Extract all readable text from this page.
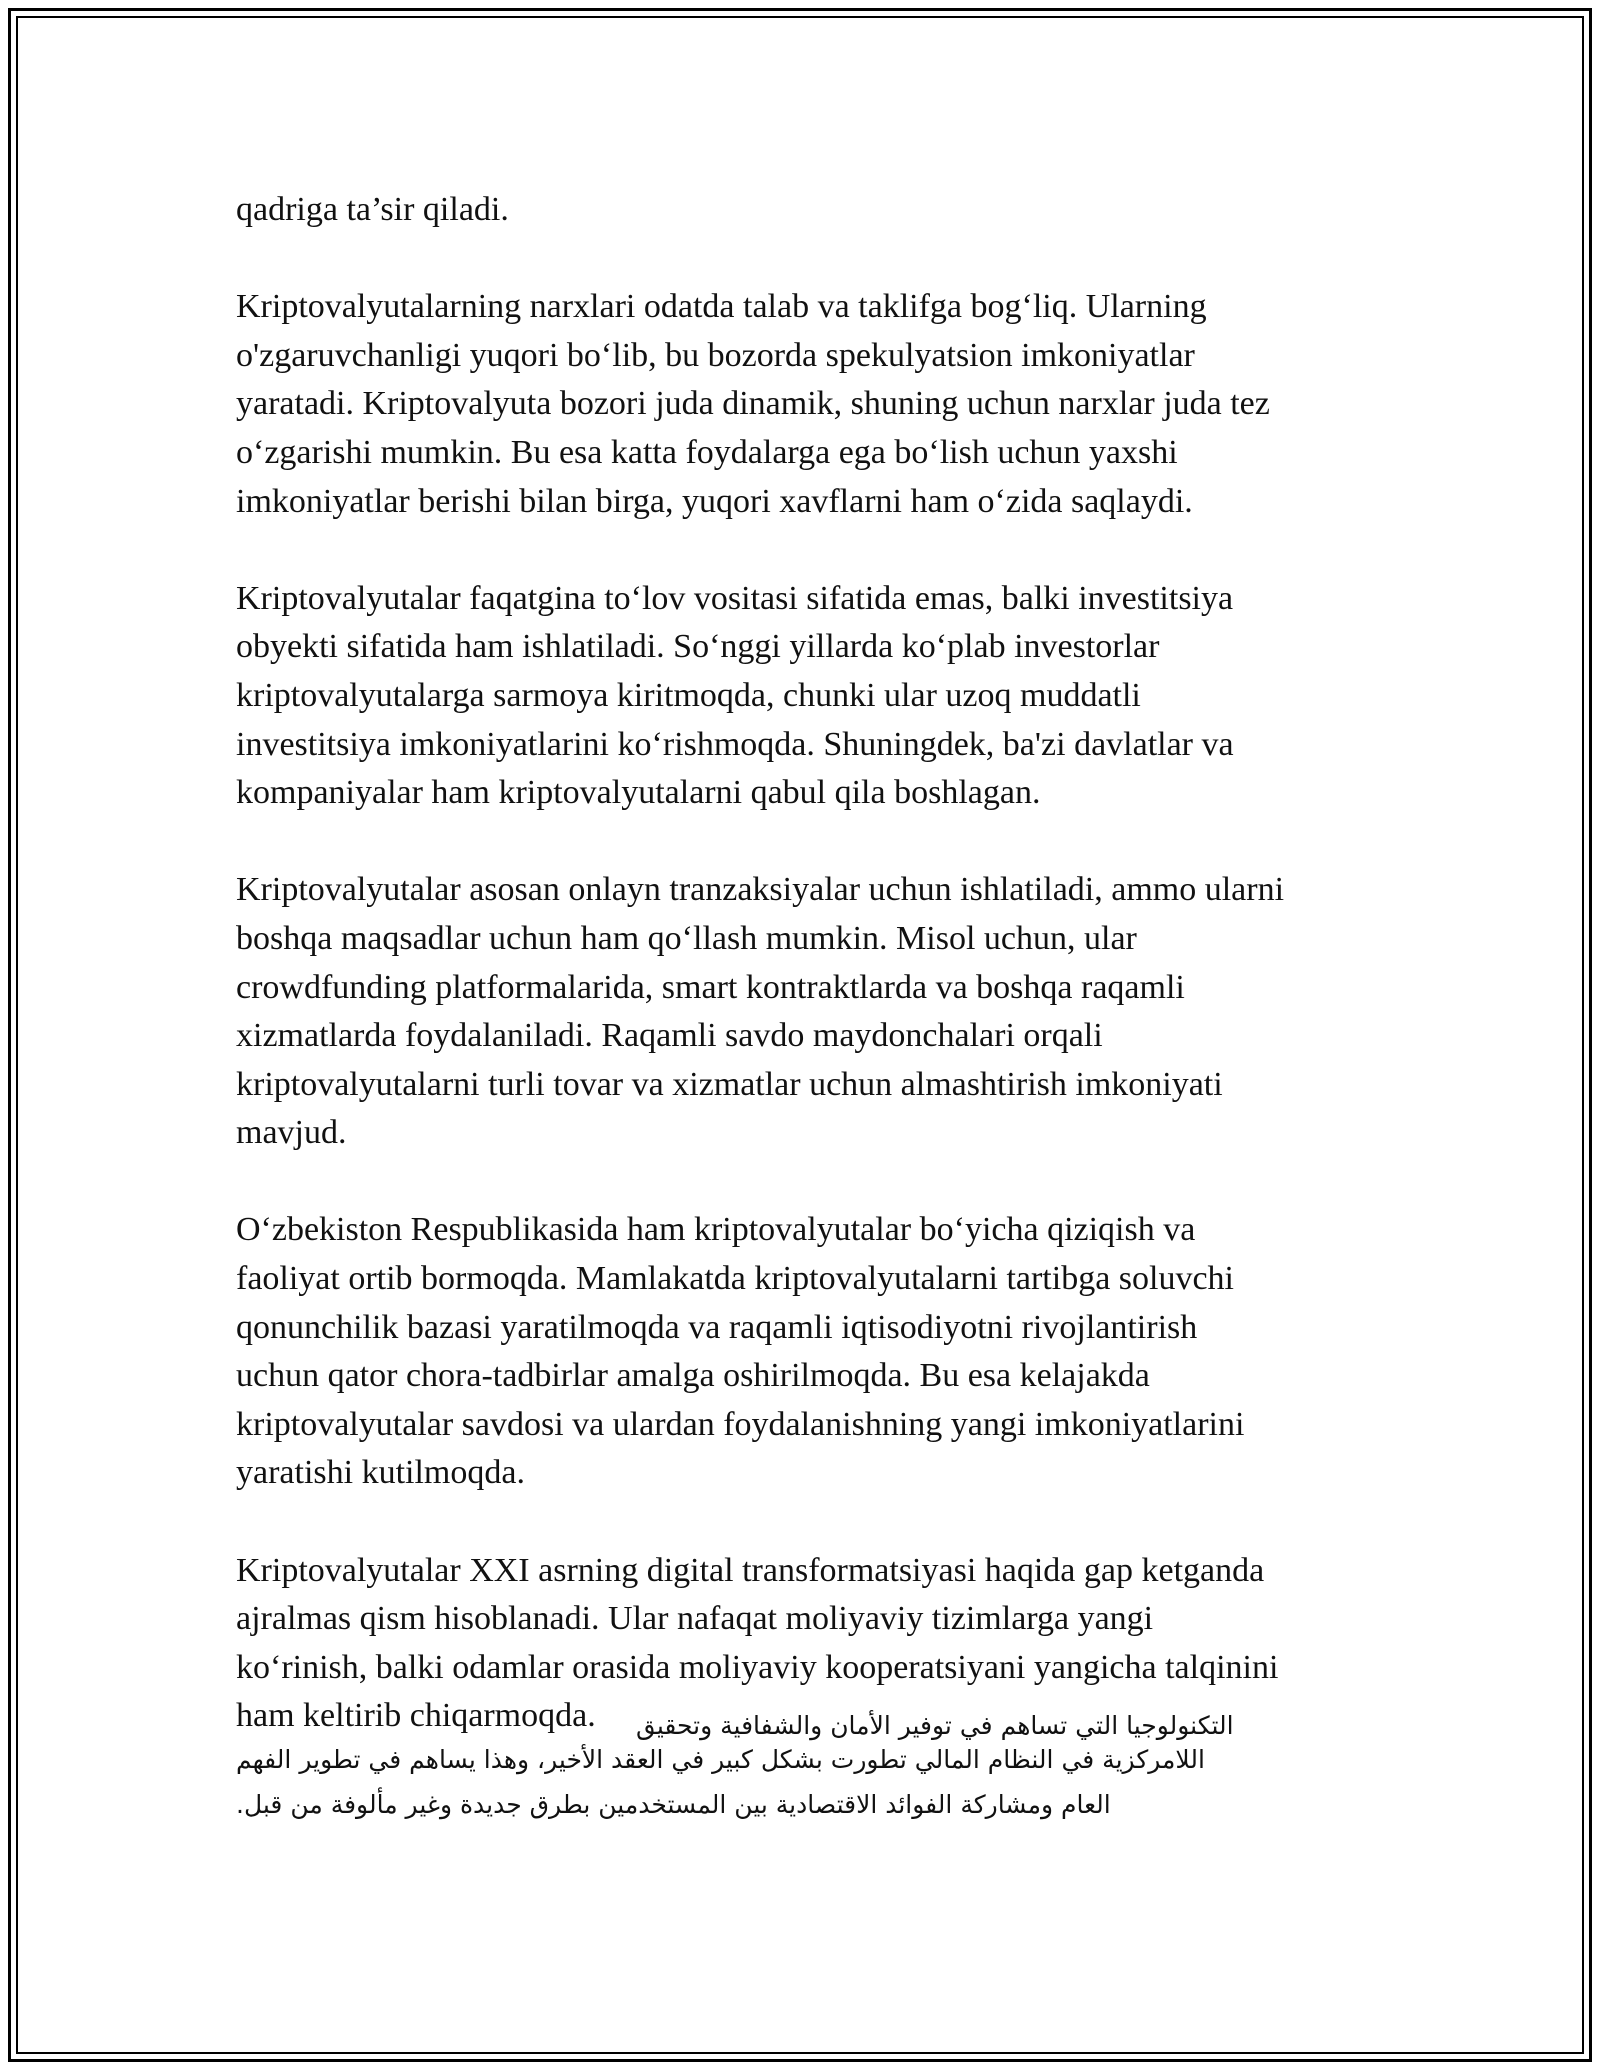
qadriga ta’sir qiladi.

Kriptovalyutalarning narxlari odatda talab va taklifga bog‘liq. Ularning
o'zgaruvchanligi yuqori bo‘lib, bu bozorda spekulyatsion imkoniyatlar
yaratadi. Kriptovalyuta bozori juda dinamik, shuning uchun narxlar juda tez
o‘zgarishi mumkin. Bu esa katta foydalarga ega bo‘lish uchun yaxshi
imkoniyatlar berishi bilan birga, yuqori xavflarni ham o‘zida saqlaydi.

Kriptovalyutalar faqatgina to‘lov vositasi sifatida emas, balki investitsiya
obyekti sifatida ham ishlatiladi. So‘nggi yillarda ko‘plab investorlar
kriptovalyutalarga sarmoya kiritmoqda, chunki ular uzoq muddatli
investitsiya imkoniyatlarini ko‘rishmoqda. Shuningdek, ba'zi davlatlar va
kompaniyalar ham kriptovalyutalarni qabul qila boshlagan.

Kriptovalyutalar asosan onlayn tranzaksiyalar uchun ishlatiladi, ammo ularni
boshqa maqsadlar uchun ham qo‘llash mumkin. Misol uchun, ular
crowdfunding platformalarida, smart kontraktlarda va boshqa raqamli
xizmatlarda foydalaniladi. Raqamli savdo maydonchalari orqali
kriptovalyutalarni turli tovar va xizmatlar uchun almashtirish imkoniyati
mavjud.

O‘zbekiston Respublikasida ham kriptovalyutalar bo‘yicha qiziqish va
faoliyat ortib bormoqda. Mamlakatda kriptovalyutalarni tartibga soluvchi
qonunchilik bazasi yaratilmoqda va raqamli iqtisodiyotni rivojlantirish
uchun qator chora-tadbirlar amalga oshirilmoqda. Bu esa kelajakda
kriptovalyutalar savdosi va ulardan foydalanishning yangi imkoniyatlarini
yaratishi kutilmoqda.

Kriptovalyutalar XXI asrning digital transformatsiyasi haqida gap ketganda
ajralmas qism hisoblanadi. Ular nafaqat moliyaviy tizimlarga yangi
ko‘rinish, balki odamlar orasida moliyaviy kooperatsiyani yangicha talqinini
ham keltirib chiqarmoqda.	التكنولوجيا التي تساهم في توفير الأمان والشفافية وتحقيق
اللامركزية في النظام المالي تطورت بشكل كبير في العقد الأخير، وهذا يساهم في تطوير الفهم
العام ومشاركة الفوائد الاقتصادية بين المستخدمين بطرق جديدة وغير مألوفة من قبل.
